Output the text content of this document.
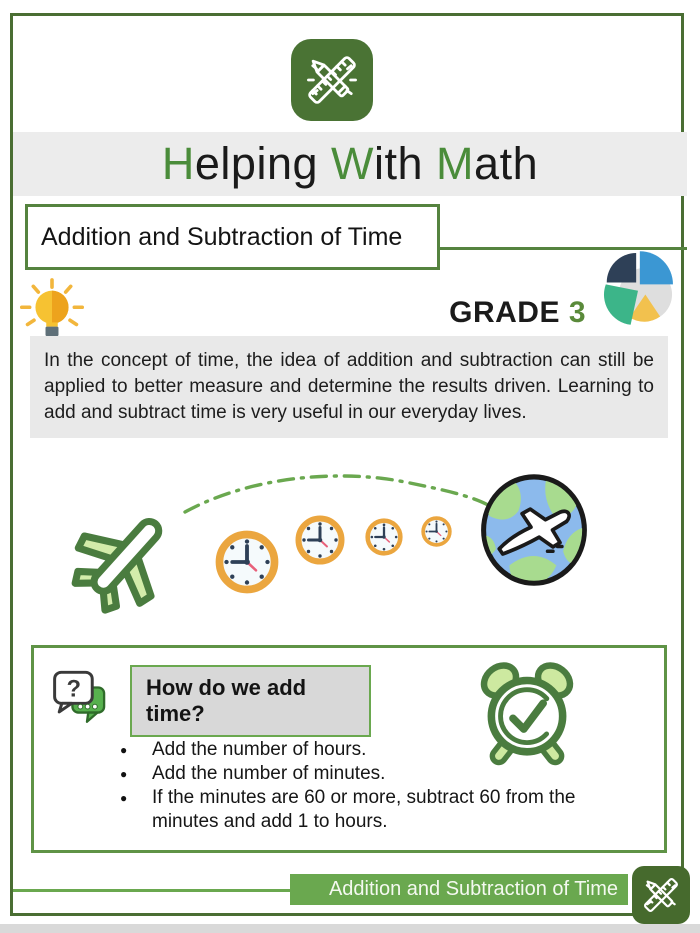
Helping With Math
Addition and Subtraction of Time
GRADE 3
In the concept of time, the idea of addition and subtraction can still be applied to better measure and determine the results driven. Learning to add and subtract time is very useful in our everyday lives.
?	How do we add time?
● Add the number of hours.
● Add the number of minutes.
● If the minutes are 60 or more, subtract 60 from the minutes and add 1 to hours.
Addition and Subtraction of Time
